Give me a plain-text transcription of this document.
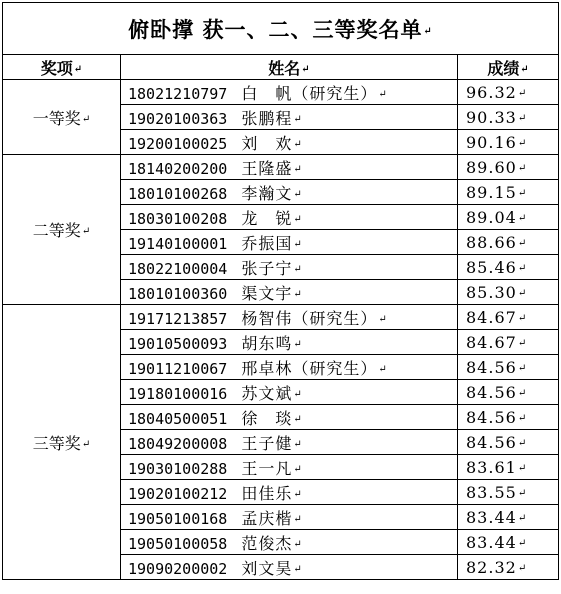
俯卧撑 获一、二、三等奖名单↵		
奖项↵	姓名↵	成绩↵
一等奖↵	18021210797 白　帆（研究生）↵	96.32↵
	19020100363 张鹏程↵	90.33↵
	19200100025 刘　欢↵	90.16↵
二等奖↵	18140200200 王隆盛↵	89.60↵
	18010100268 李瀚文↵	89.15↵
	18030100208 龙　锐↵	89.04↵
	19140100001 乔振国↵	88.66↵
	18022100004 张子宁↵	85.46↵
	18010100360 渠文宇↵	85.30↵
三等奖↵	19171213857 杨智伟（研究生）↵	84.67↵
	19010500093 胡东鸣↵	84.67↵
	19011210067 邢卓林（研究生）↵	84.56↵
	19180100016 苏文斌↵	84.56↵
	18040500051 徐　琰↵	84.56↵
	18049200008 王子健↵	84.56↵
	19030100288 王一凡↵	83.61↵
	19020100212 田佳乐↵	83.55↵
	19050100168 孟庆楷↵	83.44↵
	19050100058 范俊杰↵	83.44↵
	19090200002 刘文昊↵	82.32↵
